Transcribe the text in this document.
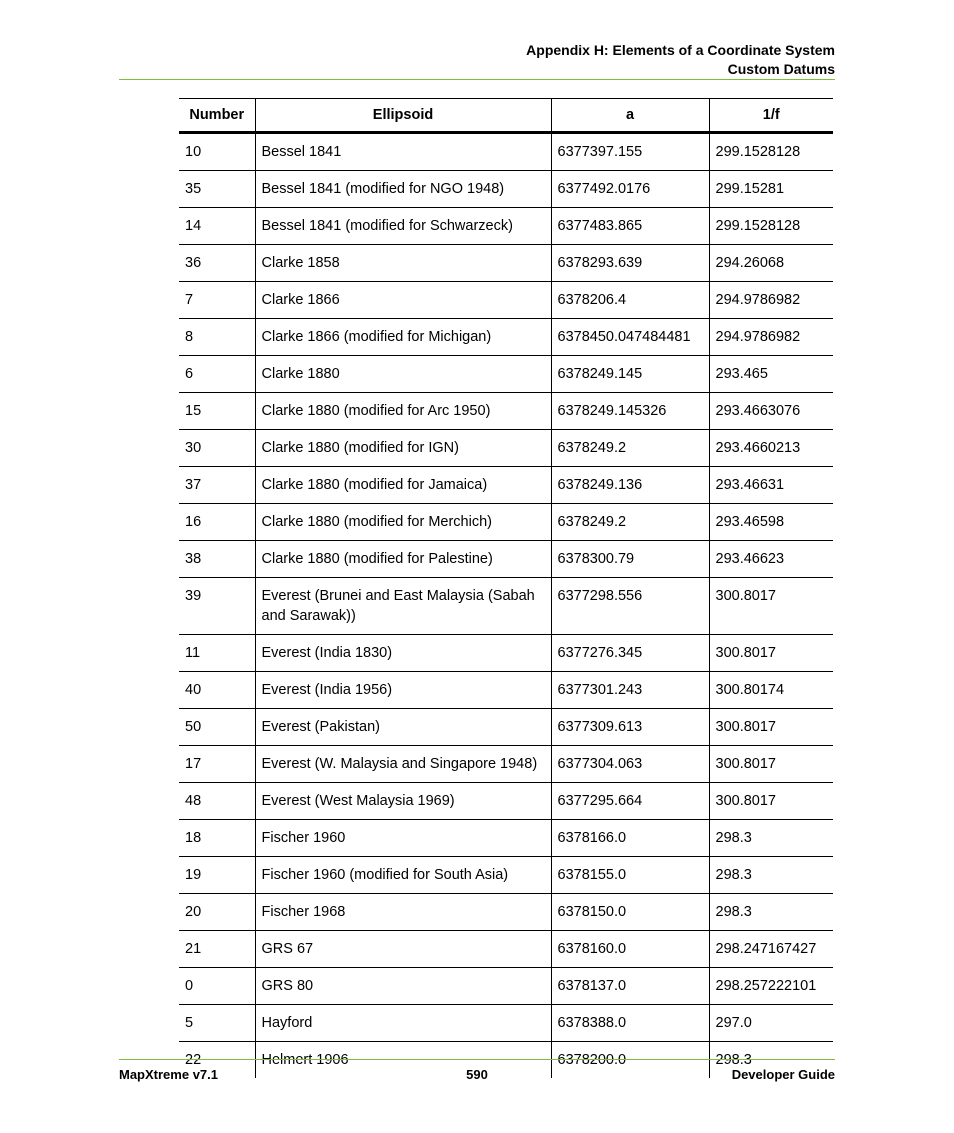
Appendix H: Elements of a Coordinate System
Custom Datums
Number	Ellipsoid	a	1/f
10	Bessel 1841	6377397.155	299.1528128
35	Bessel 1841 (modified for NGO 1948)	6377492.0176	299.15281
14	Bessel 1841 (modified for Schwarzeck)	6377483.865	299.1528128
36	Clarke 1858	6378293.639	294.26068
7	Clarke 1866	6378206.4	294.9786982
8	Clarke 1866 (modified for Michigan)	6378450.047484481	294.9786982
6	Clarke 1880	6378249.145	293.465
15	Clarke 1880 (modified for Arc 1950)	6378249.145326	293.4663076
30	Clarke 1880 (modified for IGN)	6378249.2	293.4660213
37	Clarke 1880 (modified for Jamaica)	6378249.136	293.46631
16	Clarke 1880 (modified for Merchich)	6378249.2	293.46598
38	Clarke 1880 (modified for Palestine)	6378300.79	293.46623
39	Everest (Brunei and East Malaysia (Sabah and Sarawak))	6377298.556	300.8017
11	Everest (India 1830)	6377276.345	300.8017
40	Everest (India 1956)	6377301.243	300.80174
50	Everest (Pakistan)	6377309.613	300.8017
17	Everest (W. Malaysia and Singapore 1948)	6377304.063	300.8017
48	Everest (West Malaysia 1969)	6377295.664	300.8017
18	Fischer 1960	6378166.0	298.3
19	Fischer 1960 (modified for South Asia)	6378155.0	298.3
20	Fischer 1968	6378150.0	298.3
21	GRS 67	6378160.0	298.247167427
0	GRS 80	6378137.0	298.257222101
5	Hayford	6378388.0	297.0
22	Helmert 1906	6378200.0	298.3
MapXtreme v7.1	590	Developer Guide
